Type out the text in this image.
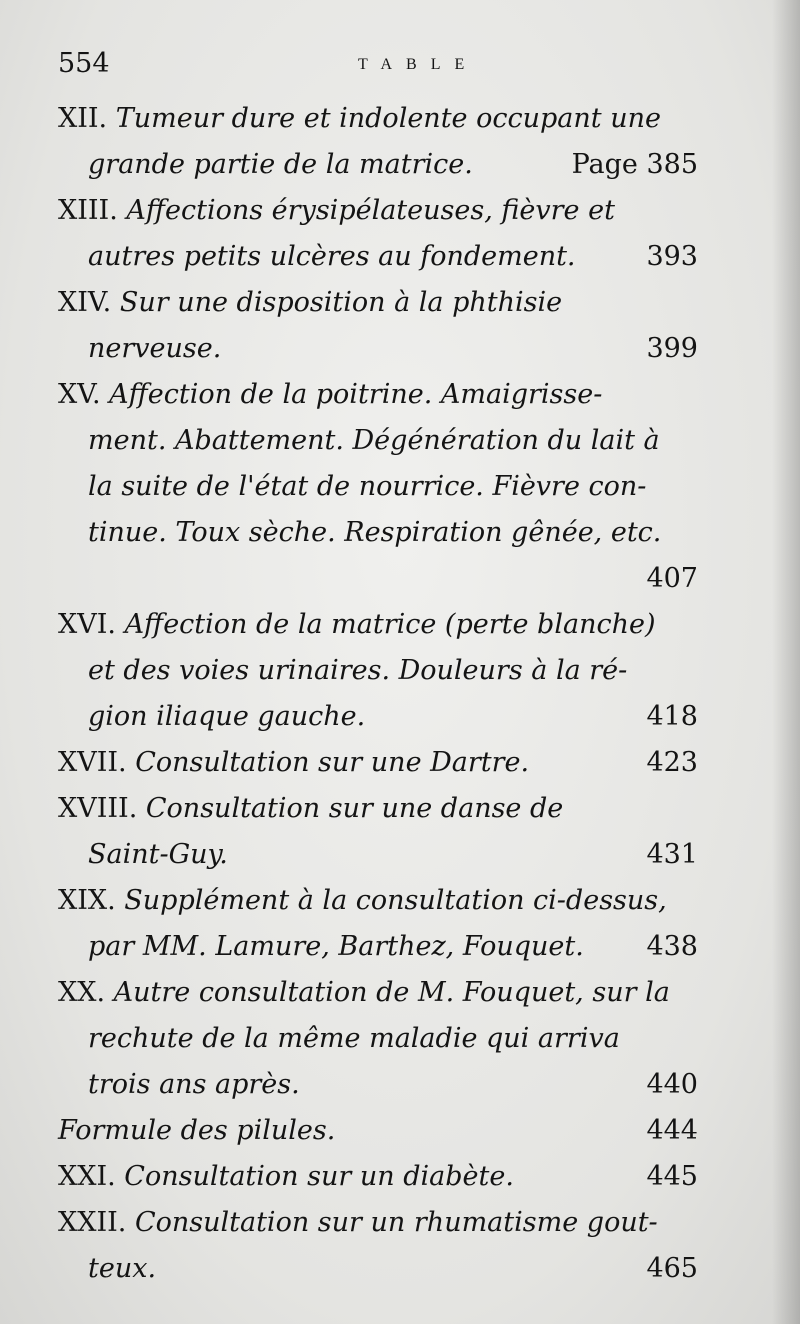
554	TABLE
XII. Tumeur dure et indolente occupant une
grande partie de la matrice.	Page 385
XIII. Affections érysipélateuses, fièvre et
autres petits ulcères au fondement.	393
XIV. Sur une disposition à la phthisie
nerveuse.	399
XV. Affection de la poitrine. Amaigrisse-
ment. Abattement. Dégénération du lait à
la suite de l'état de nourrice. Fièvre con-
tinue. Toux sèche. Respiration gênée, etc.
407
XVI. Affection de la matrice (perte blanche)
et des voies urinaires. Douleurs à la ré-
gion iliaque gauche.	418
XVII. Consultation sur une Dartre.	423
XVIII. Consultation sur une danse de
Saint-Guy.	431
XIX. Supplément à la consultation ci-dessus,
par MM. Lamure, Barthez, Fouquet. 438
XX. Autre consultation de M. Fouquet, sur la
rechute de la même maladie qui arriva
trois ans après.	440
Formule des pilules.	444
XXI. Consultation sur un diabète.	445
XXII. Consultation sur un rhumatisme gout-
teux.	465
